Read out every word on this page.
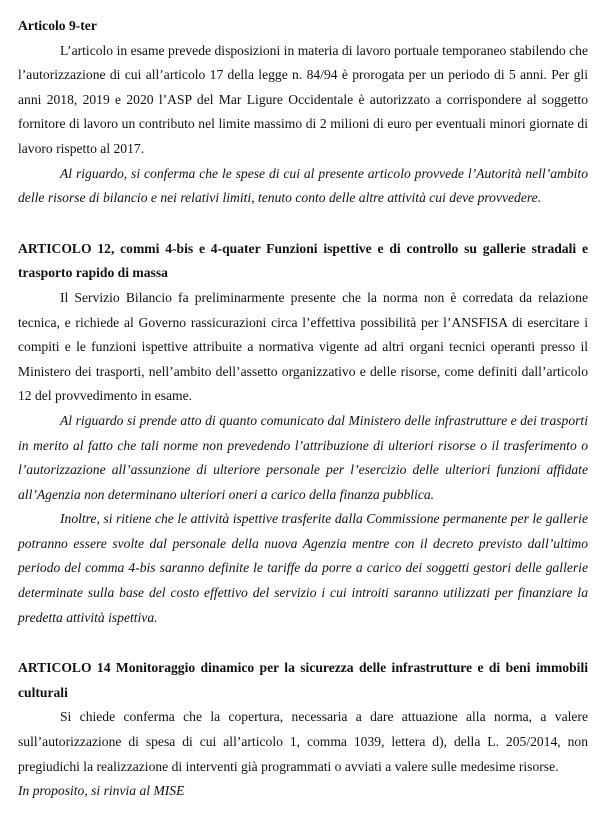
Articolo 9-ter

L’articolo in esame prevede disposizioni in materia di lavoro portuale temporaneo stabilendo che l’autorizzazione di cui all’articolo 17 della legge n. 84/94 è prorogata per un periodo di 5 anni. Per gli anni 2018, 2019 e 2020 l’ASP del Mar Ligure Occidentale è autorizzato a corrispondere al soggetto fornitore di lavoro un contributo nel limite massimo di 2 milioni di euro per eventuali minori giornate di lavoro rispetto al 2017.

Al riguardo, si conferma che le spese di cui al presente articolo provvede l’Autorità nell’ambito delle risorse di bilancio e nei relativi limiti, tenuto conto delle altre attività cui deve provvedere.

ARTICOLO 12, commi 4-bis e 4-quater Funzioni ispettive e di controllo su gallerie stradali e trasporto rapido di massa

Il Servizio Bilancio fa preliminarmente presente che la norma non è corredata da relazione tecnica, e richiede al Governo rassicurazioni circa l’effettiva possibilità per l’ANSFISA di esercitare i compiti e le funzioni ispettive attribuite a normativa vigente ad altri organi tecnici operanti presso il Ministero dei trasporti, nell’ambito dell’assetto organizzativo e delle risorse, come definiti dall’articolo 12 del provvedimento in esame.

Al riguardo si prende atto di quanto comunicato dal Ministero delle infrastrutture e dei trasporti in merito al fatto che tali norme non prevedendo l’attribuzione di ulteriori risorse o il trasferimento o l’autorizzazione all’assunzione di ulteriore personale per l’esercizio delle ulteriori funzioni affidate all’Agenzia non determinano ulteriori oneri a carico della finanza pubblica.

Inoltre, si ritiene che le attività ispettive trasferite dalla Commissione permanente per le gallerie potranno essere svolte dal personale della nuova Agenzia mentre con il decreto previsto dall’ultimo periodo del comma 4-bis saranno definite le tariffe da porre a carico dei soggetti gestori delle gallerie determinate sulla base del costo effettivo del servizio i cui introiti saranno utilizzati per finanziare la predetta attività ispettiva.

ARTICOLO 14 Monitoraggio dinamico per la sicurezza delle infrastrutture e di beni immobili culturali

Si chiede conferma che la copertura, necessaria a dare attuazione alla norma, a valere sull’autorizzazione di spesa di cui all’articolo 1, comma 1039, lettera d), della L. 205/2014, non pregiudichi la realizzazione di interventi già programmati o avviati a valere sulle medesime risorse.

In proposito, si rinvia al MISE
